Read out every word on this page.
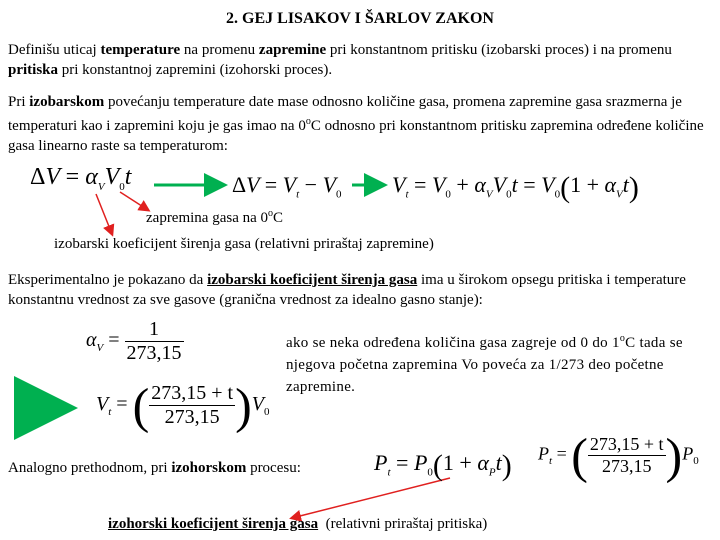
2. GEJ LISAKOV I ŠARLOV ZAKON
Definišu uticaj temperature na promenu zapremine pri konstantnom pritisku (izobarski proces) i na promenu pritiska pri konstantnoj zapremini (izohorski proces).
Pri izobarskom povećanju temperature date mase odnosno količine gasa, promena zapremine gasa srazmerna je temperaturi kao i zapremini koju je gas imao na 0$^o$C odnosno pri konstantnom pritisku zapremina određene količine gasa linearno raste sa temperaturom:
$\Delta V = \alpha_VV_0t$	$\Delta V = V_t - V_0$ $V_t = V_0 + \alpha_VV_0t = V_0(1 + \alpha_Vt)$
zapremina gasa na 0$^o$C
izobarski koeficijent širenja gasa (relativni priraštaj zapremine)
Eksperimentalno je pokazano da izobarski koeficijent širenja gasa ima u širokom opsegu pritiska i temperature konstantnu vrednost za sve gasove (granična vrednost za idealno gasno stanje):
$\alpha_V = \frac{1}{273,15}$	ako se neka određena količina gasa zagreje od 0 do 1$^o$C tada se njegova početna zapremina Vo poveća za 1/273 deo početne zapremine.
$V_t$ = ( $\frac{273,15 + t}{273,15} )V_0$
Analogno prethodnom, pri izohorskom procesu:	$P_t = P_0(1 + \alpha_Pt) P_t$ = ( $\frac{273,15 + t}{273,15} )P_0$
izohorski koeficijent širenja gasa  (relativni priraštaj pritiska)
